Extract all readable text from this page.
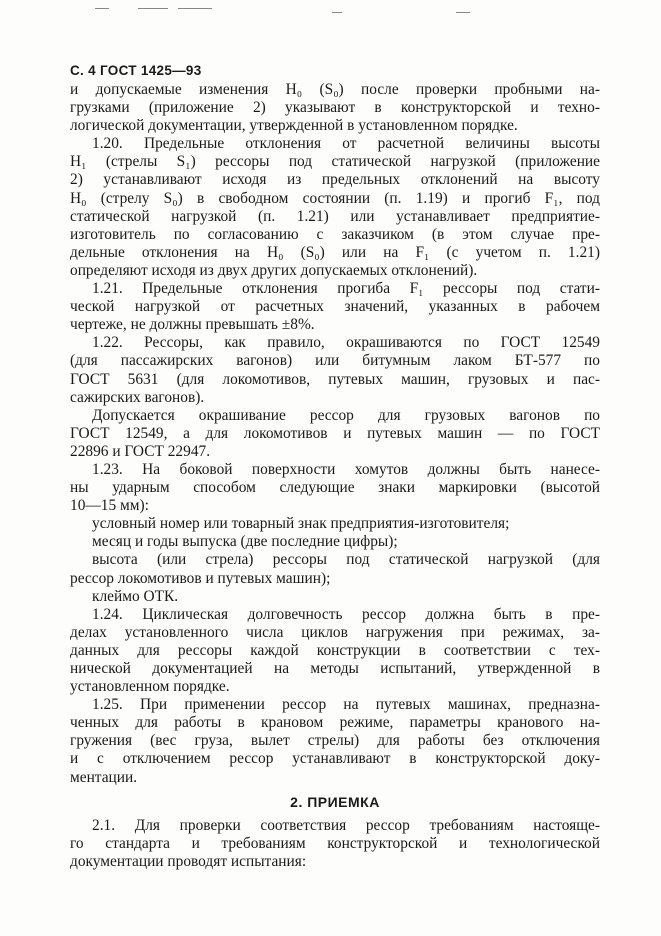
С. 4 ГОСТ 1425—93
и допускаемые изменения Н₀ (S₀) после проверки пробными на-
грузками (приложение 2) указывают в конструкторской и техно-
логической документации, утвержденной в установленном порядке.
1.20. Предельные отклонения от расчетной величины высоты
Н₁ (стрелы S₁) рессоры под статической нагрузкой (приложение
2) устанавливают исходя из предельных отклонений на высоту
Н₀ (стрелу S₀) в свободном состоянии (п. 1.19) и прогиб F₁, под
статической нагрузкой (п. 1.21) или устанавливает предприятие-
изготовитель по согласованию с заказчиком (в этом случае пре-
дельные отклонения на Н₀ (S₀) или на F₁ (с учетом п. 1.21)
определяют исходя из двух других допускаемых отклонений).
1.21. Предельные отклонения прогиба F₁ рессоры под стати-
ческой нагрузкой от расчетных значений, указанных в рабочем
чертеже, не должны превышать ±8%.
1.22. Рессоры, как правило, окрашиваются по ГОСТ 12549
(для пассажирских вагонов) или битумным лаком БТ-577 по
ГОСТ 5631 (для локомотивов, путевых машин, грузовых и пас-
сажирских вагонов).
Допускается окрашивание рессор для грузовых вагонов по
ГОСТ 12549, а для локомотивов и путевых машин — по ГОСТ
22896 и ГОСТ 22947.
1.23. На боковой поверхности хомутов должны быть нанесе-
ны ударным способом следующие знаки маркировки (высотой
10—15 мм):
условный номер или товарный знак предприятия-изготовителя;
месяц и годы выпуска (две последние цифры);
высота (или стрела) рессоры под статической нагрузкой (для
рессор локомотивов и путевых машин);
клеймо ОТК.
1.24. Циклическая долговечность рессор должна быть в пре-
делах установленного числа циклов нагружения при режимах, за-
данных для рессоры каждой конструкции в соответствии с тех-
нической документацией на методы испытаний, утвержденной в
установленном порядке.
1.25. При применении рессор на путевых машинах, предназна-
ченных для работы в крановом режиме, параметры кранового на-
гружения (вес груза, вылет стрелы) для работы без отключения
и с отключением рессор устанавливают в конструкторской доку-
ментации.
2. ПРИЕМКА
2.1. Для проверки соответствия рессор требованиям настояще-
го стандарта и требованиям конструкторской и технологической
документации проводят испытания:
